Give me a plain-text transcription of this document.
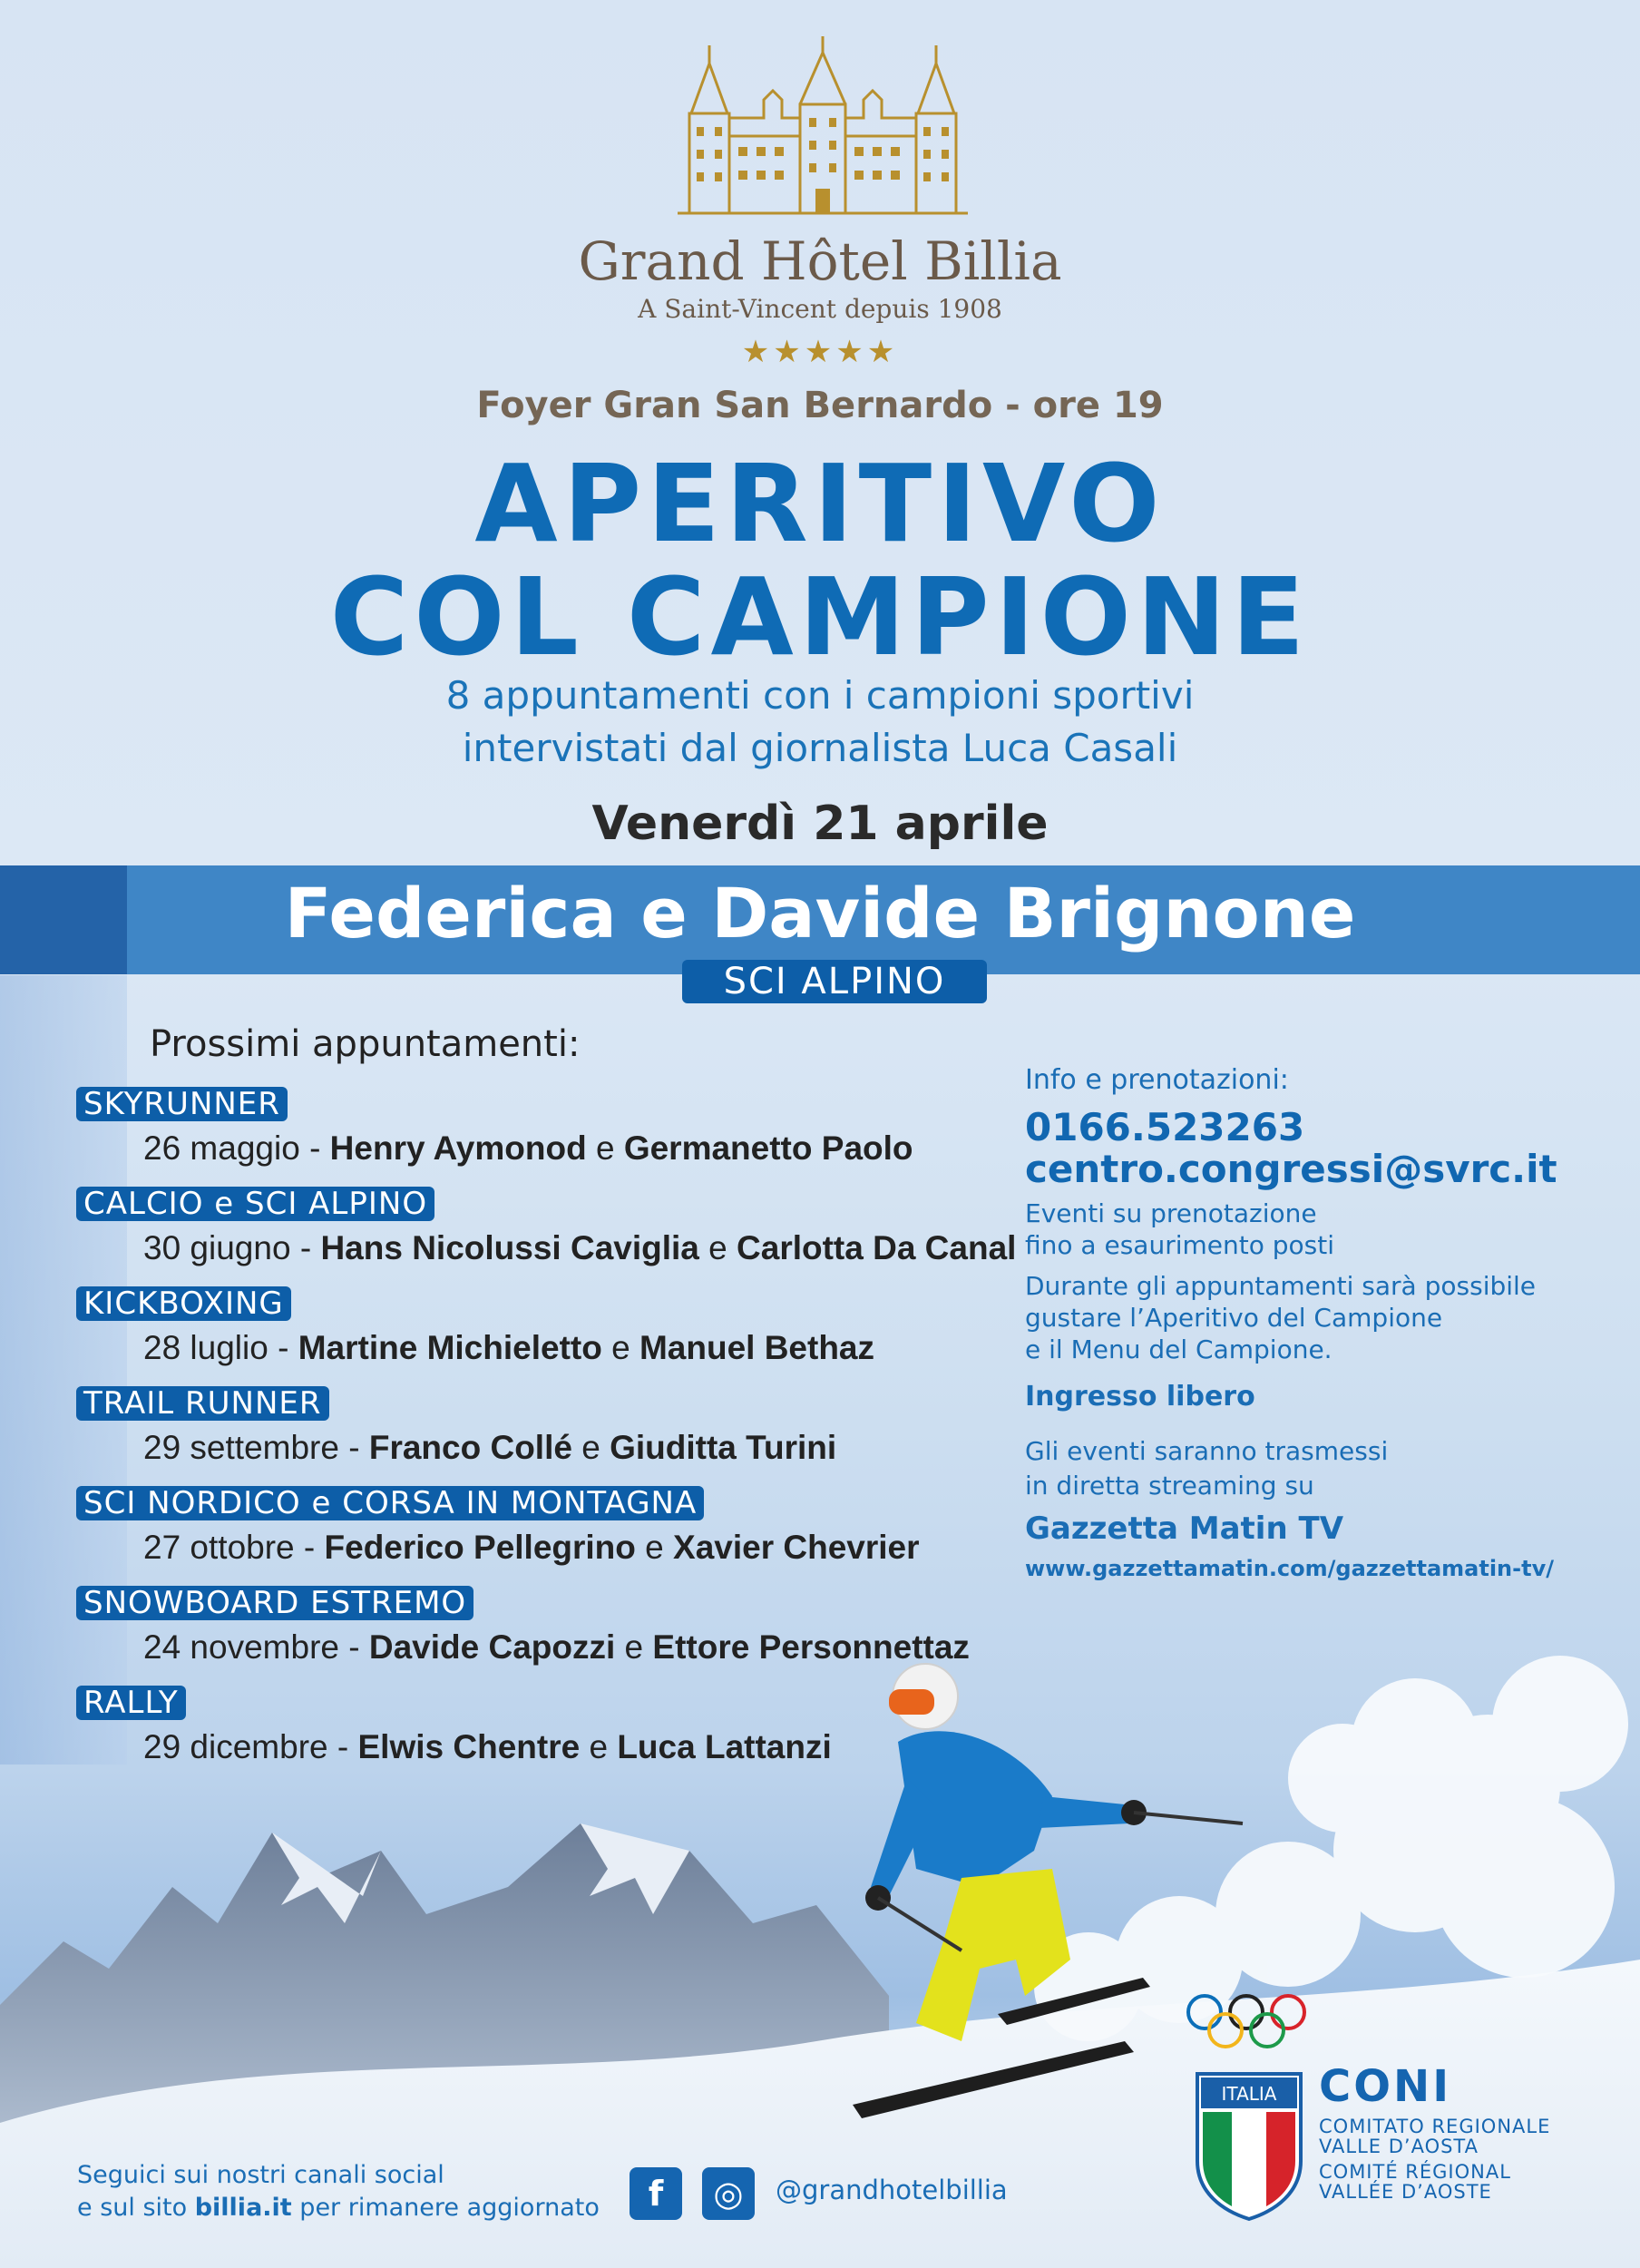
Grand Hôtel Billia
A Saint-Vincent depuis 1908
★★★★★
Foyer Gran San Bernardo - ore 19
APERITIVO
COL CAMPIONE
8 appuntamenti con i campioni sportivi
intervistati dal giornalista Luca Casali
Venerdì 21 aprile
Federica e Davide Brignone
SCI ALPINO
Prossimi appuntamenti:
SKYRUNNER
26 maggio - Henry Aymonod e Germanetto Paolo
CALCIO e SCI ALPINO
30 giugno - Hans Nicolussi Caviglia e Carlotta Da Canal
KICKBOXING
28 luglio - Martine Michieletto e Manuel Bethaz
TRAIL RUNNER
29 settembre - Franco Collé e Giuditta Turini
SCI NORDICO e CORSA IN MONTAGNA
27 ottobre - Federico Pellegrino e Xavier Chevrier
SNOWBOARD ESTREMO
24 novembre - Davide Capozzi e Ettore Personnettaz
RALLY
29 dicembre - Elwis Chentre e Luca Lattanzi
Info e prenotazioni:
0166.523263
centro.congressi@svrc.it
Eventi su prenotazione
fino a esaurimento posti
Durante gli appuntamenti sarà possibile
gustare l’Aperitivo del Campione
e il Menu del Campione.
Ingresso libero
Gli eventi saranno trasmessi
in diretta streaming su
Gazzetta Matin TV
www.gazzettamatin.com/gazzettamatin-tv/
Seguici sui nostri canali social
e sul sito billia.it per rimanere aggiornato	f	◎	@grandhotelbillia
ITALIA CONI
COMITATO REGIONALE
VALLE D’AOSTA
COMITÉ RÉGIONAL
VALLÉE D’AOSTE
